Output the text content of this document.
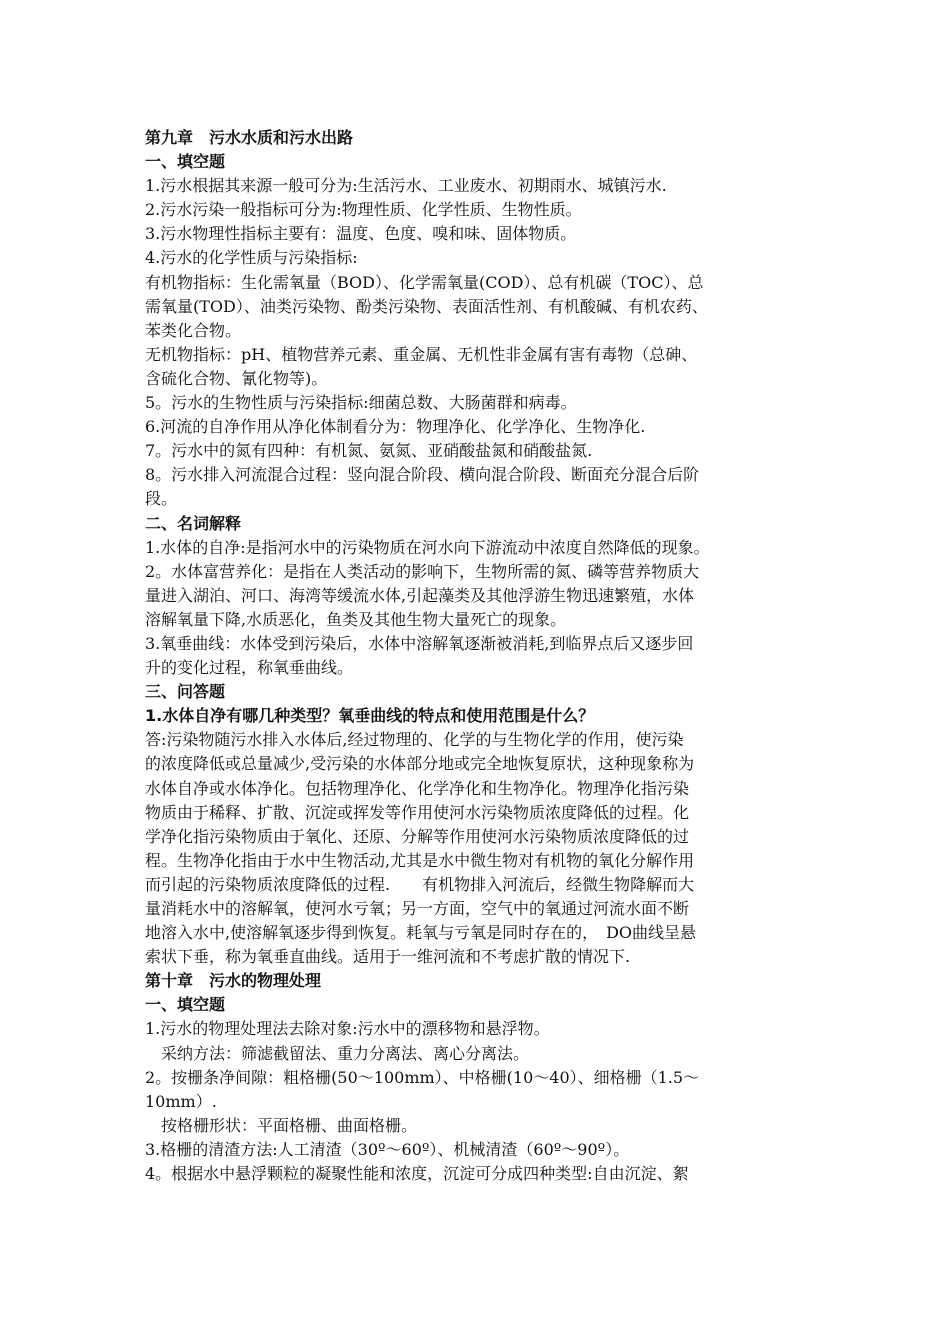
第九章　污水水质和污水出路
一、填空题
1.污水根据其来源一般可分为:生活污水、工业废水、初期雨水、城镇污水.
2.污水污染一般指标可分为:物理性质、化学性质、生物性质。
3.污水物理性指标主要有：温度、色度、嗅和味、固体物质。
4.污水的化学性质与污染指标:
有机物指标：生化需氧量（BOD）、化学需氧量(COD）、总有机碳（TOC）、总
需氧量(TOD）、油类污染物、酚类污染物、表面活性剂、有机酸碱、有机农药、
苯类化合物。
无机物指标：pH、植物营养元素、重金属、无机性非金属有害有毒物（总砷、
含硫化合物、氰化物等)。
5。污水的生物性质与污染指标:细菌总数、大肠菌群和病毒。
6.河流的自净作用从净化体制看分为：物理净化、化学净化、生物净化.
7。污水中的氮有四种：有机氮、氨氮、亚硝酸盐氮和硝酸盐氮.
8。污水排入河流混合过程：竖向混合阶段、横向混合阶段、断面充分混合后阶
段。
二、名词解释
1.水体的自净:是指河水中的污染物质在河水向下游流动中浓度自然降低的现象。
2。水体富营养化：是指在人类活动的影响下，生物所需的氮、磷等营养物质大
量进入湖泊、河口、海湾等缓流水体,引起藻类及其他浮游生物迅速繁殖，水体
溶解氧量下降,水质恶化，鱼类及其他生物大量死亡的现象。
3.氧垂曲线：水体受到污染后，水体中溶解氧逐渐被消耗,到临界点后又逐步回
升的变化过程，称氧垂曲线。
三、问答题
1.水体自净有哪几种类型？氧垂曲线的特点和使用范围是什么？
答:污染物随污水排入水体后,经过物理的、化学的与生物化学的作用，使污染
的浓度降低或总量减少,受污染的水体部分地或完全地恢复原状，这种现象称为
水体自净或水体净化。包括物理净化、化学净化和生物净化。物理净化指污染
物质由于稀释、扩散、沉淀或挥发等作用使河水污染物质浓度降低的过程。化
学净化指污染物质由于氧化、还原、分解等作用使河水污染物质浓度降低的过
程。生物净化指由于水中生物活动,尤其是水中微生物对有机物的氧化分解作用
而引起的污染物质浓度降低的过程.　　有机物排入河流后，经微生物降解而大
量消耗水中的溶解氧，使河水亏氧；另一方面，空气中的氧通过河流水面不断
地溶入水中,使溶解氧逐步得到恢复。耗氧与亏氧是同时存在的，　DO曲线呈悬
索状下垂，称为氧垂直曲线。适用于一维河流和不考虑扩散的情况下.
第十章　污水的物理处理
一、填空题
1.污水的物理处理法去除对象:污水中的漂移物和悬浮物。
采纳方法：筛滤截留法、重力分离法、离心分离法。
2。按栅条净间隙：粗格栅(50～100mm）、中格栅(10～40）、细格栅（1.5～
10mm）.
按格栅形状：平面格栅、曲面格栅。
3.格栅的清渣方法:人工清渣（30º～60º）、机械清渣（60º～90º）。
4。根据水中悬浮颗粒的凝聚性能和浓度，沉淀可分成四种类型:自由沉淀、絮
